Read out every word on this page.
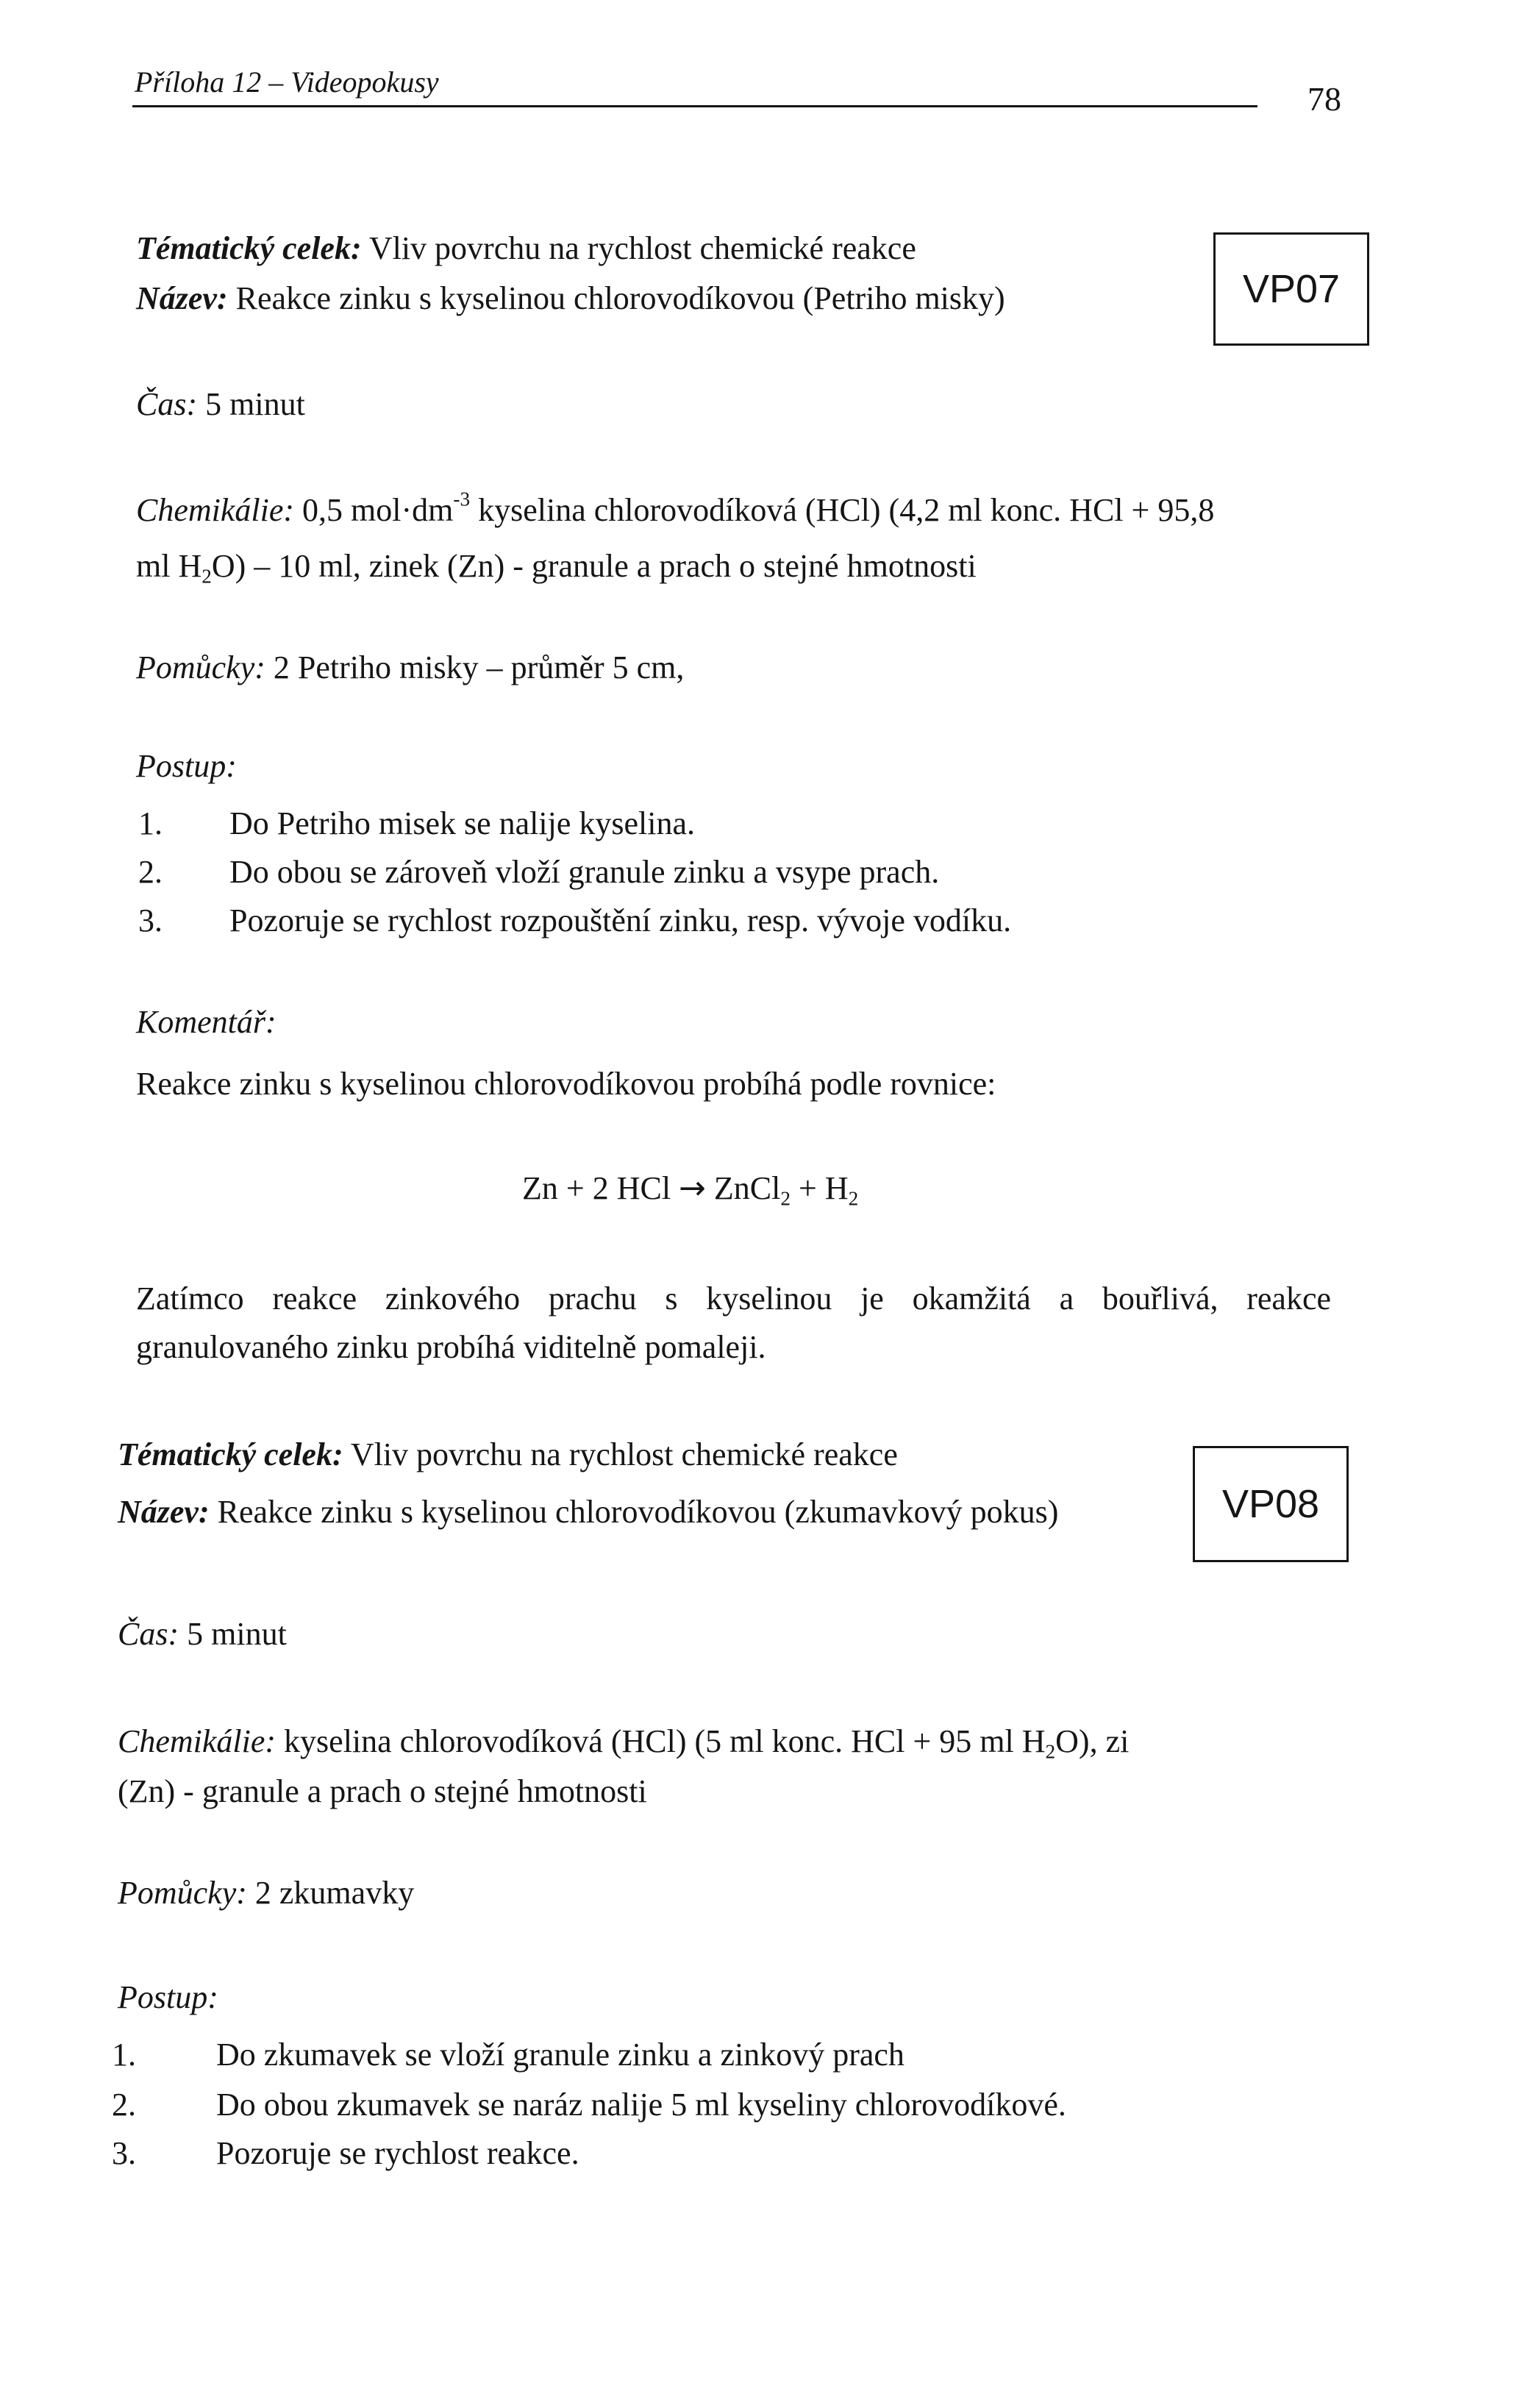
Příloha 12 – Videopokusy	78
VP07
Tématický celek: Vliv povrchu na rychlost chemické reakce
Název: Reakce zinku s kyselinou chlorovodíkovou (Petriho misky)
Čas: 5 minut
Chemikálie: 0,5 $mol\cdot dm^{-3}$ kyselina chlorovodíková (HCl) (4,2 ml konc. HCl + 95,8
ml $H_2O) - 10$ ml, zinek (Zn) - granule a prach o stejné hmotnosti
Pomůcky: 2 Petriho misky – průměr 5 cm,
Postup:
1. Do Petriho misek se nalije kyselina.
2. Do obou se zároveň vloží granule zinku a vsype prach.
3. Pozoruje se rychlost rozpouštění zinku, resp. vývoje vodíku.
Komentář:
Reakce zinku s kyselinou chlorovodíkovou probíhá podle rovnice:
Zn + 2 HCl → ZnCl$_2$ + $H_2$
Zatímco reakce zinkového prachu s kyselinou je okamžitá a bouřlivá, reakce
granulovaného zinku probíhá viditelně pomaleji.
VP08
Tématický celek: Vliv povrchu na rychlost chemické reakce
Název: Reakce zinku s kyselinou chlorovodíkovou (zkumavkový pokus)
Čas: 5 minut
Chemikálie: kyselina chlorovodíková (HCl) (5 ml konc. HCl + 95 ml $H_2O$), zi
(Zn) - granule a prach o stejné hmotnosti
Pomůcky: 2 zkumavky
Postup:
1. Do zkumavek se vloží granule zinku a zinkový prach
2. Do obou zkumavek se naráz nalije 5 ml kyseliny chlorovodíkové.
3. Pozoruje se rychlost reakce.
